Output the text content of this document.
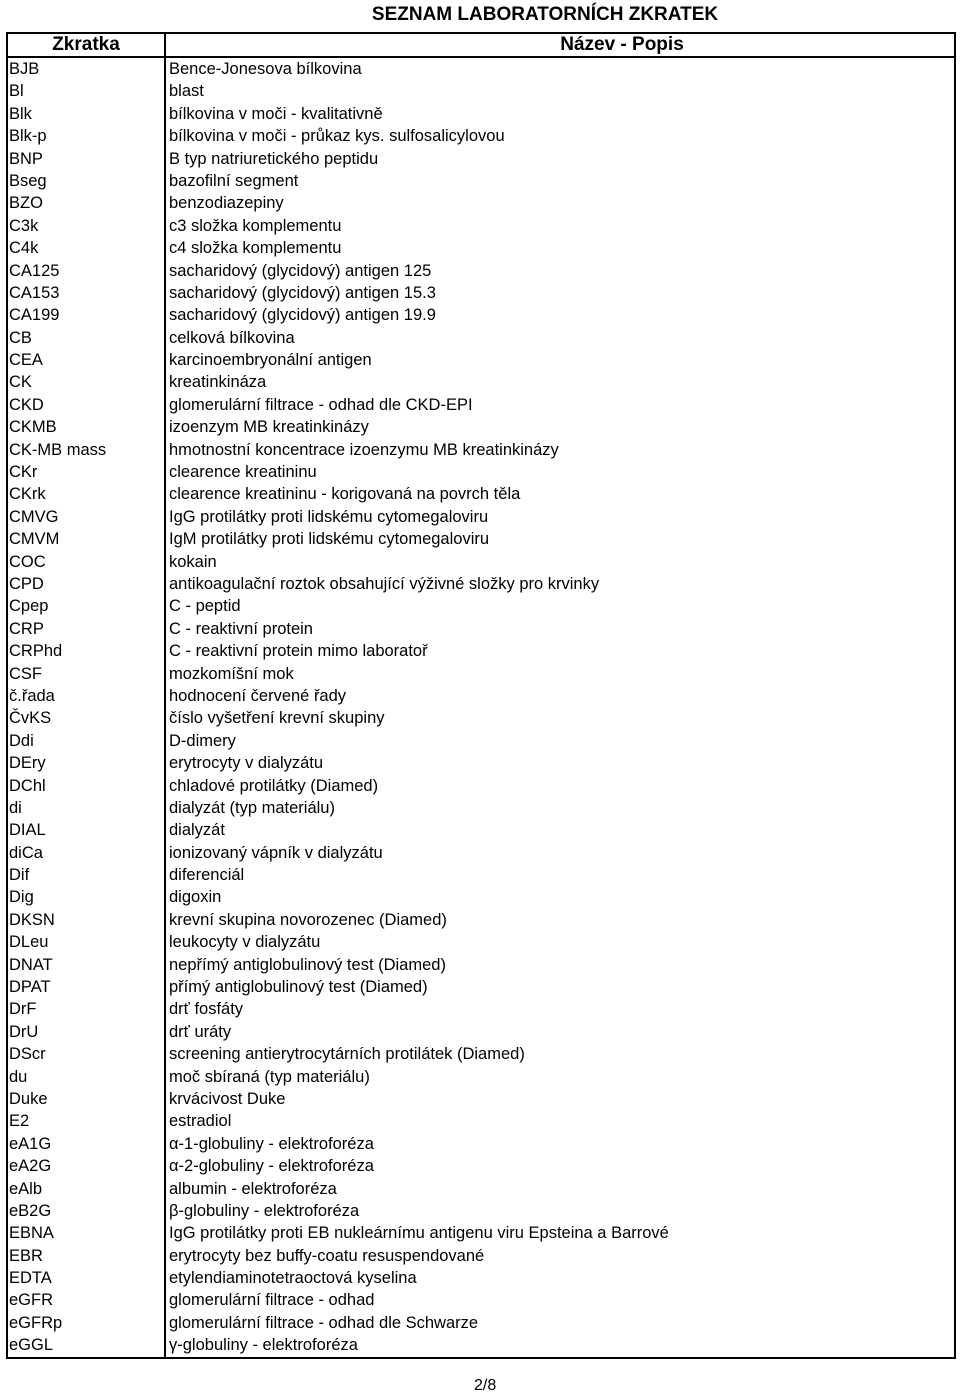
SEZNAM LABORATORNÍCH ZKRATEK
Zkratka	Název - Popis
BJB	Bence-Jonesova bílkovina
Bl	blast
Blk	bílkovina v moči - kvalitativně
Blk-p	bílkovina v moči - průkaz kys. sulfosalicylovou
BNP	B typ natriuretického peptidu
Bseg	bazofilní segment
BZO	benzodiazepiny
C3k	c3 složka komplementu
C4k	c4 složka komplementu
CA125	sacharidový (glycidový) antigen 125
CA153	sacharidový (glycidový) antigen 15.3
CA199	sacharidový (glycidový) antigen 19.9
CB	celková bílkovina
CEA	karcinoembryonální antigen
CK	kreatinkináza
CKD	glomerulární filtrace - odhad dle CKD-EPI
CKMB	izoenzym MB kreatinkinázy
CK-MB mass	hmotnostní koncentrace izoenzymu MB kreatinkinázy
CKr	clearence kreatininu
CKrk	clearence kreatininu - korigovaná na povrch těla
CMVG	IgG protilátky proti lidskému cytomegaloviru
CMVM	IgM protilátky proti lidskému cytomegaloviru
COC	kokain
CPD	antikoagulační roztok obsahující výživné složky pro krvinky
Cpep	C - peptid
CRP	C - reaktivní protein
CRPhd	C - reaktivní protein mimo laboratoř
CSF	mozkomíšní mok
č.řada	hodnocení červené řady
ČvKS	číslo vyšetření krevní skupiny
Ddi	D-dimery
DEry	erytrocyty v dialyzátu
DChl	chladové protilátky (Diamed)
di	dialyzát (typ materiálu)
DIAL	dialyzát
diCa	ionizovaný vápník v dialyzátu
Dif	diferenciál
Dig	digoxin
DKSN	krevní skupina novorozenec (Diamed)
DLeu	leukocyty v dialyzátu
DNAT	nepřímý antiglobulinový test (Diamed)
DPAT	přímý antiglobulinový test (Diamed)
DrF	drť fosfáty
DrU	drť uráty
DScr	screening antierytrocytárních protilátek (Diamed)
du	moč sbíraná (typ materiálu)
Duke	krvácivost Duke
E2	estradiol
eA1G	α-1-globuliny - elektroforéza
eA2G	α-2-globuliny - elektroforéza
eAlb	albumin - elektroforéza
eB2G	β-globuliny - elektroforéza
EBNA	IgG protilátky proti EB nukleárnímu antigenu viru Epsteina a Barrové
EBR	erytrocyty bez buffy-coatu resuspendované
EDTA	etylendiaminotetraoctová kyselina
eGFR	glomerulární filtrace - odhad
eGFRp	glomerulární filtrace - odhad dle Schwarze
eGGL	γ-globuliny - elektroforéza
2/8
